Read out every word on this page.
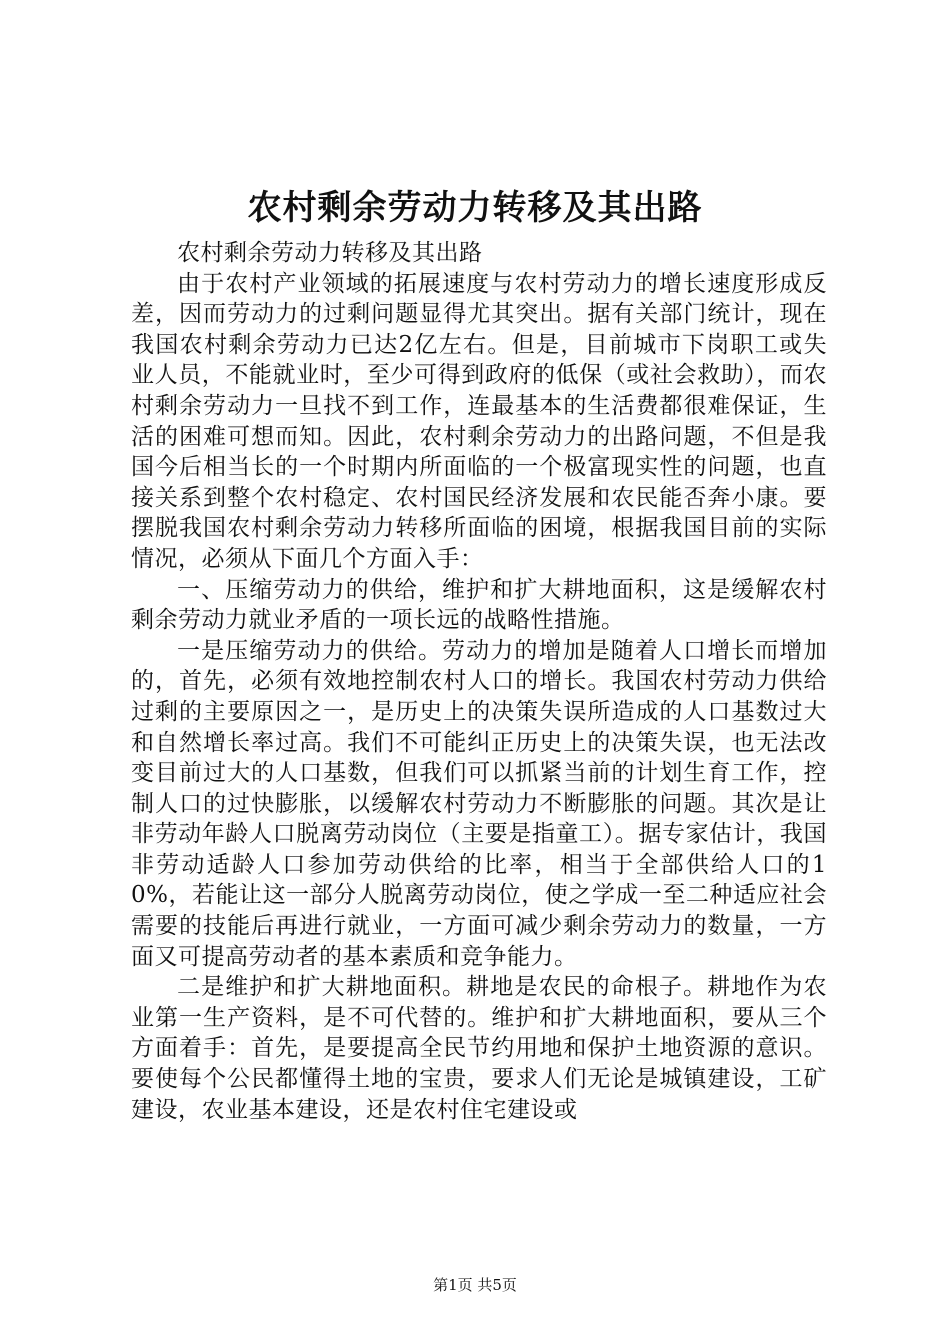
农村剩余劳动力转移及其出路

农村剩余劳动力转移及其出路

由于农村产业领域的拓展速度与农村劳动力的增长速度形成反差，因而劳动力的过剩问题显得尤其突出。据有关部门统计，现在我国农村剩余劳动力已达2亿左右。但是，目前城市下岗职工或失业人员，不能就业时，至少可得到政府的低保（或社会救助），而农村剩余劳动力一旦找不到工作，连最基本的生活费都很难保证，生活的困难可想而知。因此，农村剩余劳动力的出路问题，不但是我国今后相当长的一个时期内所面临的一个极富现实性的问题，也直接关系到整个农村稳定、农村国民经济发展和农民能否奔小康。要摆脱我国农村剩余劳动力转移所面临的困境，根据我国目前的实际情况，必须从下面几个方面入手：

一、压缩劳动力的供给，维护和扩大耕地面积，这是缓解农村剩余劳动力就业矛盾的一项长远的战略性措施。

一是压缩劳动力的供给。劳动力的增加是随着人口增长而增加的，首先，必须有效地控制农村人口的增长。我国农村劳动力供给过剩的主要原因之一，是历史上的决策失误所造成的人口基数过大和自然增长率过高。我们不可能纠正历史上的决策失误，也无法改变目前过大的人口基数，但我们可以抓紧当前的计划生育工作，控制人口的过快膨胀，以缓解农村劳动力不断膨胀的问题。其次是让非劳动年龄人口脱离劳动岗位（主要是指童工）。据专家估计，我国非劳动适龄人口参加劳动供给的比率，相当于全部供给人口的10%，若能让这一部分人脱离劳动岗位，使之学成一至二种适应社会需要的技能后再进行就业，一方面可减少剩余劳动力的数量，一方面又可提高劳动者的基本素质和竞争能力。

二是维护和扩大耕地面积。耕地是农民的命根子。耕地作为农业第一生产资料，是不可代替的。维护和扩大耕地面积，要从三个方面着手：首先，是要提高全民节约用地和保护土地资源的意识。要使每个公民都懂得土地的宝贵，要求人们无论是城镇建设，工矿建设，农业基本建设，还是农村住宅建设或

第1页 共5页
